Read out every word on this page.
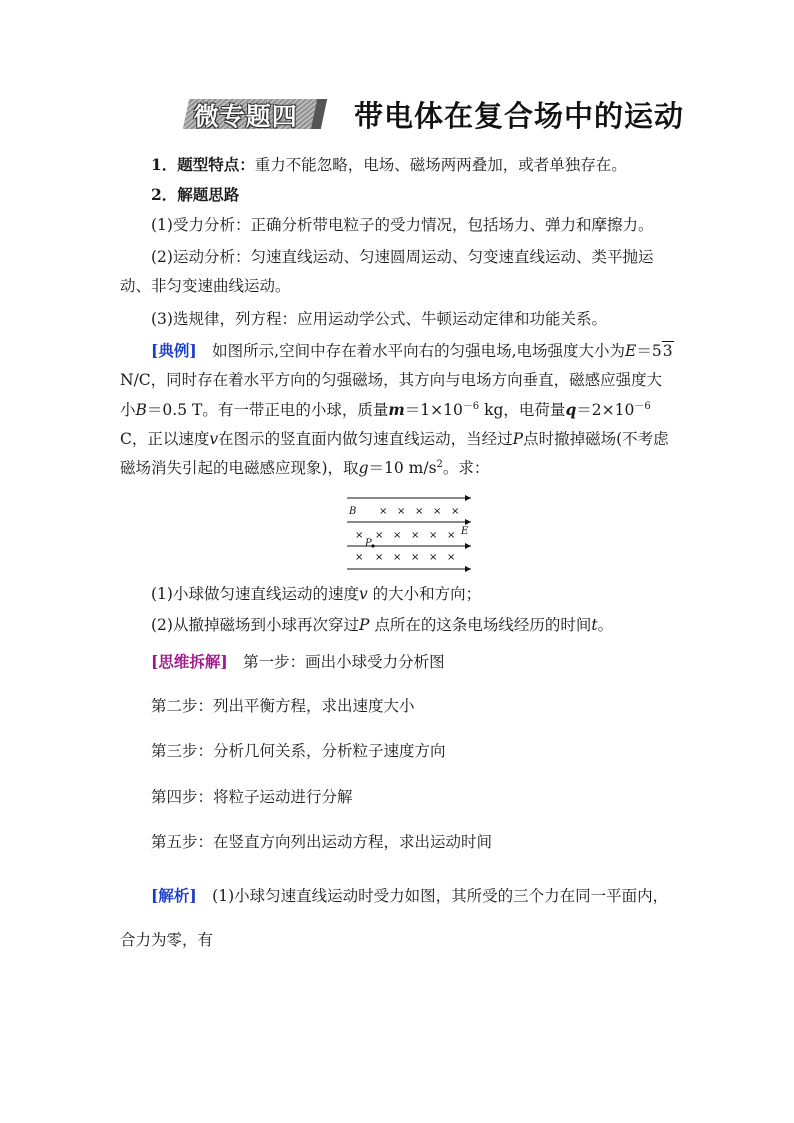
微专题四 带电体在复合场中的运动
1．题型特点：重力不能忽略，电场、磁场两两叠加，或者单独存在。
2．解题思路
(1)受力分析：正确分析带电粒子的受力情况，包括场力、弹力和摩擦力。
(2)运动分析：匀速直线运动、匀速圆周运动、匀变速直线运动、类平抛运动、非匀变速曲线运动。
(3)选规律，列方程：应用运动学公式、牛顿运动定律和功能关系。
[典例]　如图所示,空间中存在着水平向右的匀强电场,电场强度大小为E＝53 N/C，同时存在着水平方向的匀强磁场，其方向与电场方向垂直，磁感应强度大小B＝0.5 T。有一带正电的小球，质量$m=1\times 10^{-6}$ kg，电荷量$q=2\times 10^{-6}$ C，正以速度v在图示的竖直面内做匀速直线运动，当经过P点时撤掉磁场(不考虑磁场消失引起的电磁感应现象)，取g＝10 $m/s^2$。求：
× × × × ×
× × × × × ×
× × × × × ×
B
E
P
(1)小球做匀速直线运动的速度v 的大小和方向；
(2)从撤掉磁场到小球再次穿过P 点所在的这条电场线经历的时间t。
[思维拆解]　第一步：画出小球受力分析图
第二步：列出平衡方程，求出速度大小
第三步：分析几何关系，分析粒子速度方向
第四步：将粒子运动进行分解
第五步：在竖直方向列出运动方程，求出运动时间
[解析]　(1)小球匀速直线运动时受力如图，其所受的三个力在同一平面内，合力为零，有
